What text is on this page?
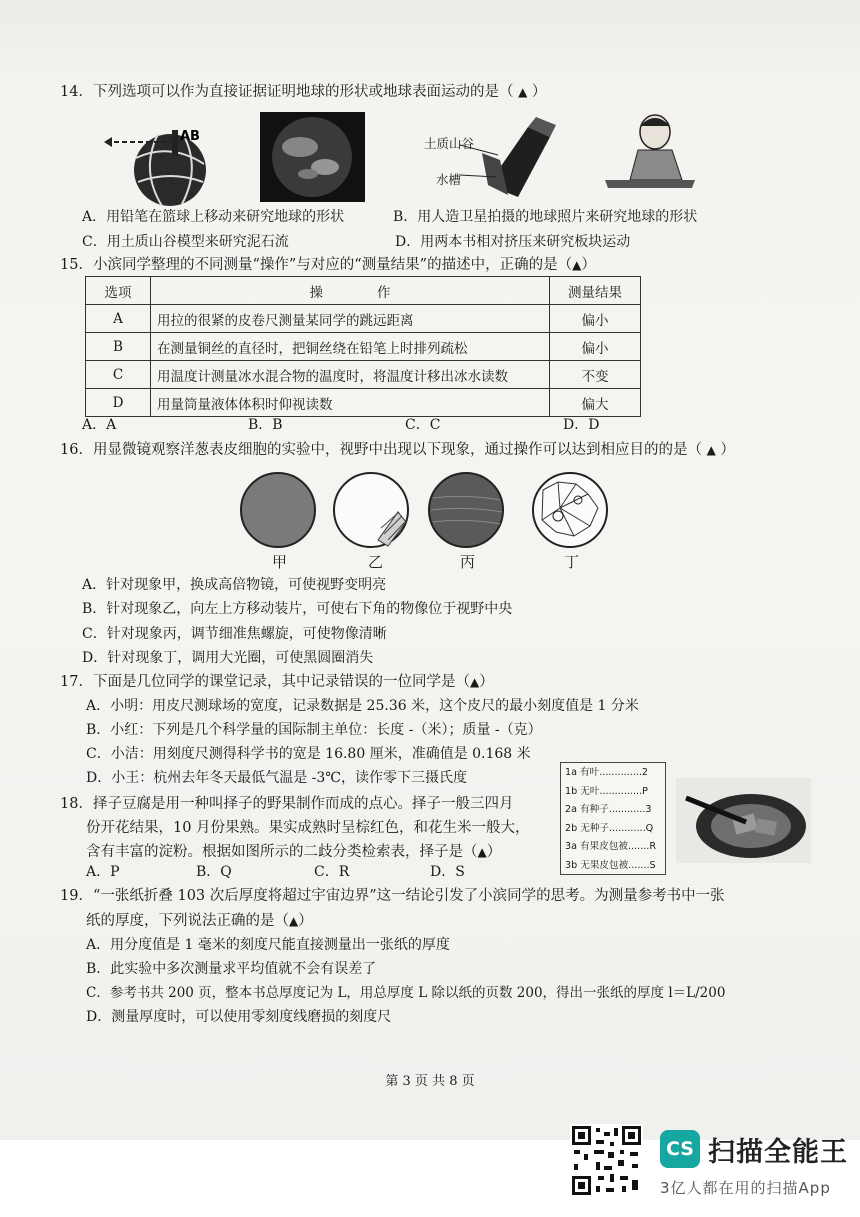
14．下列选项可以作为直接证据证明地球的形状或地球表面运动的是（ ▲ ）
AB	土质山谷
水槽
A．用铅笔在篮球上移动来研究地球的形状	B．用人造卫星拍摄的地球照片来研究地球的形状
C．用土质山谷模型来研究泥石流	D．用两本书相对挤压来研究板块运动
15．小滨同学整理的不同测量“操作”与对应的“测量结果”的描述中，正确的是（▲）
选项	操　　　　作	测量结果
A	用拉的很紧的皮卷尺测量某同学的跳远距离	偏小
B	在测量铜丝的直径时，把铜丝绕在铅笔上时排列疏松	偏小
C	用温度计测量冰水混合物的温度时，将温度计移出冰水读数	不变
D	用量筒量液体体积时仰视读数	偏大
A．A	B．B	C．C	D．D
16．用显微镜观察洋葱表皮细胞的实验中，视野中出现以下现象，通过操作可以达到相应目的的是（ ▲ ）
甲	乙	丙	丁
A．针对现象甲，换成高倍物镜，可使视野变明亮
B．针对现象乙，向左上方移动装片，可使右下角的物像位于视野中央
C．针对现象丙，调节细准焦螺旋，可使物像清晰
D．针对现象丁，调用大光圈，可使黑圆圈消失
17．下面是几位同学的课堂记录，其中记录错误的一位同学是（▲）
A．小明：用皮尺测球场的宽度，记录数据是 25.36 米，这个皮尺的最小刻度值是 1 分米
B．小红：下列是几个科学量的国际制主单位：长度 -（米）；质量 -（克）
C．小洁：用刻度尺测得科学书的宽是 16.80 厘米，准确值是 0.168 米
D．小王：杭州去年冬天最低气温是 -3℃，读作零下三摄氏度
18．择子豆腐是用一种叫择子的野果制作而成的点心。择子一般三四月
份开花结果，10 月份果熟。果实成熟时呈棕红色，和花生米一般大，
含有丰富的淀粉。根据如图所示的二歧分类检索表，择子是（▲）
A．P	B．Q	C．R	D．S
1a 有叶..............2
1b 无叶..............P
2a 有种子............3
2b 无种子............Q
3a 有果皮包被.......R
3b 无果皮包被.......S
19．“一张纸折叠 103 次后厚度将超过宇宙边界”这一结论引发了小滨同学的思考。为测量参考书中一张
纸的厚度，下列说法正确的是（▲）
A．用分度值是 1 毫米的刻度尺能直接测量出一张纸的厚度
B．此实验中多次测量求平均值就不会有误差了
C．参考书共 200 页，整本书总厚度记为 L，用总厚度 L 除以纸的页数 200，得出一张纸的厚度 l＝L/200
D．测量厚度时，可以使用零刻度线磨损的刻度尺
第 3 页 共 8 页
CS 扫描全能王
3亿人都在用的扫描App
